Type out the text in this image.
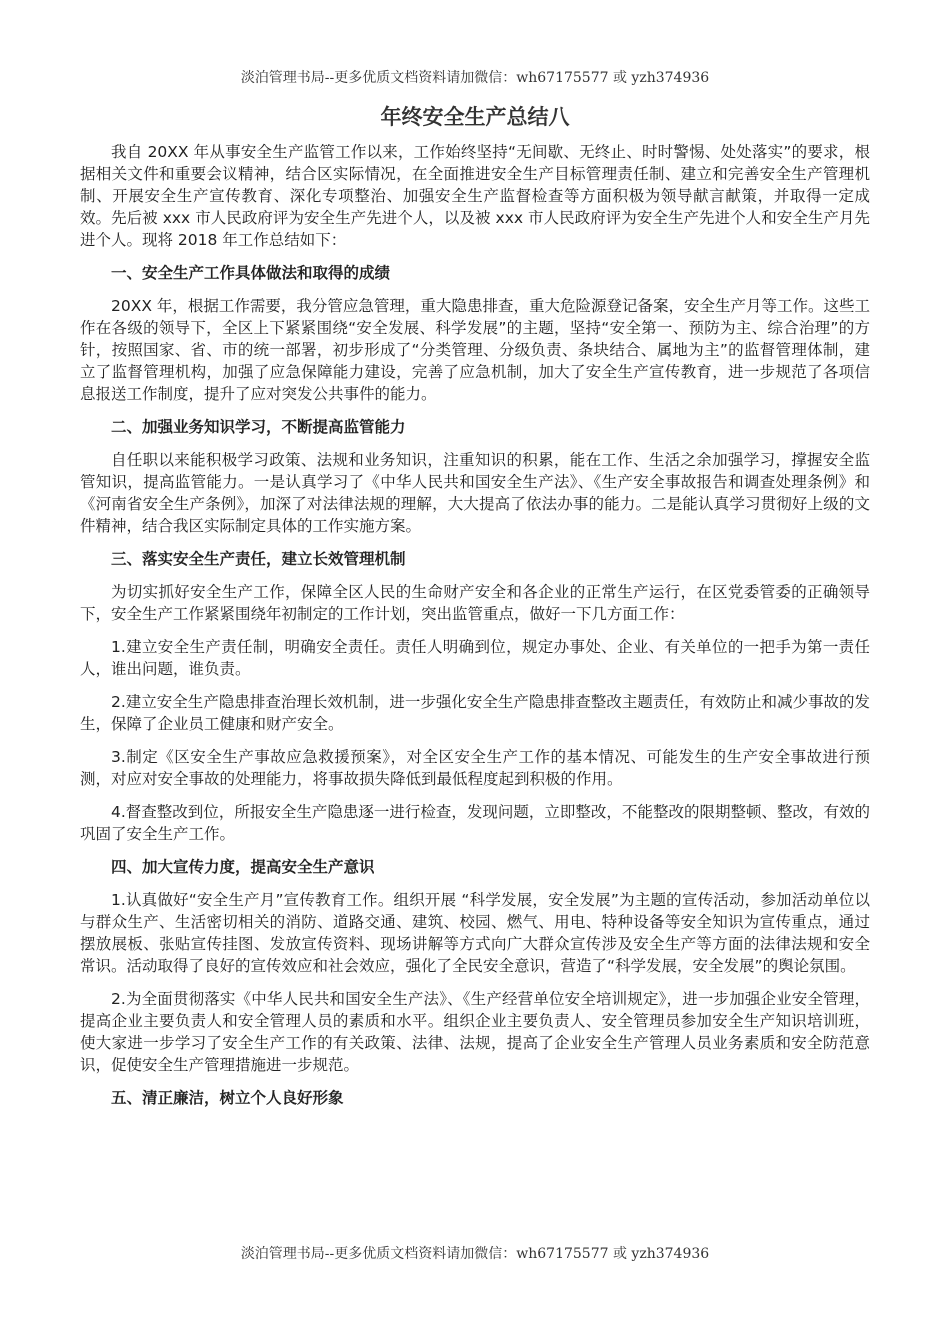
淡泊管理书局--更多优质文档资料请加微信：wh67175577 或 yzh374936
年终安全生产总结八

我自 20XX 年从事安全生产监管工作以来，工作始终坚持“无间歇、无终止、时时警惕、处处落实”的要求，根据相关文件和重要会议精神，结合区实际情况，在全面推进安全生产目标管理责任制、建立和完善安全生产管理机制、开展安全生产宣传教育、深化专项整治、加强安全生产监督检查等方面积极为领导献言献策，并取得一定成效。先后被 xxx 市人民政府评为安全生产先进个人，以及被 xxx 市人民政府评为安全生产先进个人和安全生产月先进个人。现将 2018 年工作总结如下：

一、安全生产工作具体做法和取得的成绩

20XX 年，根据工作需要，我分管应急管理，重大隐患排查，重大危险源登记备案，安全生产月等工作。这些工作在各级的领导下，全区上下紧紧围绕“安全发展、科学发展”的主题，坚持“安全第一、预防为主、综合治理”的方针，按照国家、省、市的统一部署，初步形成了“分类管理、分级负责、条块结合、属地为主”的监督管理体制，建立了监督管理机构，加强了应急保障能力建设，完善了应急机制，加大了安全生产宣传教育，进一步规范了各项信息报送工作制度，提升了应对突发公共事件的能力。

二、加强业务知识学习，不断提高监管能力

自任职以来能积极学习政策、法规和业务知识，注重知识的积累，能在工作、生活之余加强学习，撑握安全监管知识，提高监管能力。一是认真学习了《中华人民共和国安全生产法》、《生产安全事故报告和调查处理条例》和《河南省安全生产条例》，加深了对法律法规的理解，大大提高了依法办事的能力。二是能认真学习贯彻好上级的文件精神，结合我区实际制定具体的工作实施方案。

三、落实安全生产责任，建立长效管理机制

为切实抓好安全生产工作，保障全区人民的生命财产安全和各企业的正常生产运行，在区党委管委的正确领导下，安全生产工作紧紧围绕年初制定的工作计划，突出监管重点，做好一下几方面工作：

1.建立安全生产责任制，明确安全责任。责任人明确到位，规定办事处、企业、有关单位的一把手为第一责任人，谁出问题，谁负责。

2.建立安全生产隐患排查治理长效机制，进一步强化安全生产隐患排查整改主题责任，有效防止和减少事故的发生，保障了企业员工健康和财产安全。

3.制定《区安全生产事故应急救援预案》，对全区安全生产工作的基本情况、可能发生的生产安全事故进行预测，对应对安全事故的处理能力，将事故损失降低到最低程度起到积极的作用。

4.督查整改到位，所报安全生产隐患逐一进行检查，发现问题，立即整改，不能整改的限期整顿、整改，有效的巩固了安全生产工作。

四、加大宣传力度，提高安全生产意识

1.认真做好“安全生产月”宣传教育工作。组织开展 “科学发展，安全发展”为主题的宣传活动，参加活动单位以与群众生产、生活密切相关的消防、道路交通、建筑、校园、燃气、用电、特种设备等安全知识为宣传重点，通过摆放展板、张贴宣传挂图、发放宣传资料、现场讲解等方式向广大群众宣传涉及安全生产等方面的法律法规和安全常识。活动取得了良好的宣传效应和社会效应，强化了全民安全意识，营造了“科学发展，安全发展”的舆论氛围。

2.为全面贯彻落实《中华人民共和国安全生产法》、《生产经营单位安全培训规定》，进一步加强企业安全管理，提高企业主要负责人和安全管理人员的素质和水平。组织企业主要负责人、安全管理员参加安全生产知识培训班，使大家进一步学习了安全生产工作的有关政策、法律、法规，提高了企业安全生产管理人员业务素质和安全防范意识，促使安全生产管理措施进一步规范。

五、清正廉洁，树立个人良好形象

淡泊管理书局--更多优质文档资料请加微信：wh67175577 或 yzh374936
